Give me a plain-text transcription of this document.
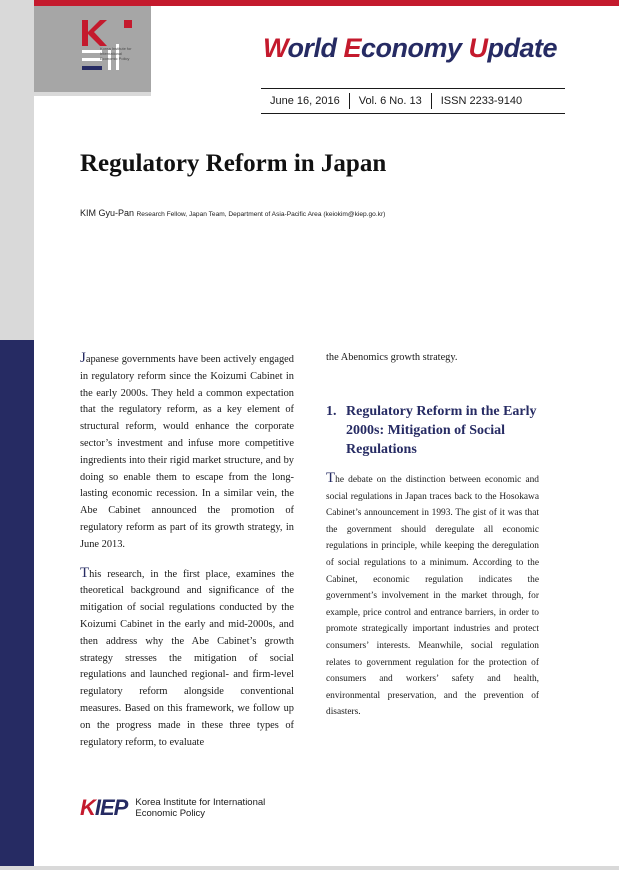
Korea Institute for International Economic Policy	World Economy Update
June 16, 2016	Vol. 6 No. 13	ISSN 2233-9140
Regulatory Reform in Japan
KIM Gyu-Pan Research Fellow, Japan Team, Department of Asia-Pacific Area (keiokim@kiep.go.kr)

Japanese governments have been actively engaged in regulatory reform since the Koizumi Cabinet in the early 2000s. They held a common expectation that the regulatory reform, as a key element of structural reform, would enhance the corporate sector’s investment and infuse more competitive ingredients into their rigid market structure, and by doing so enable them to escape from the long-lasting economic recession. In a similar vein, the Abe Cabinet announced the promotion of regulatory reform as part of its growth strategy, in June 2013.

This research, in the first place, examines the theoretical background and significance of the mitigation of social regulations conducted by the Koizumi Cabinet in the early and mid-2000s, and then address why the Abe Cabinet’s growth strategy stresses the mitigation of social regulations and launched regional- and firm-level regulatory reform alongside conventional measures. Based on this framework, we follow up on the progress made in these three types of regulatory reform, to evaluate

the Abenomics growth strategy.

1. Regulatory Reform in the Early 2000s: Mitigation of Social Regulations

The debate on the distinction between economic and social regulations in Japan traces back to the Hosokawa Cabinet’s announcement in 1993. The gist of it was that the government should deregulate all economic regulations in principle, while keeping the deregulation of social regulations to a minimum. According to the Cabinet, economic regulation indicates the government’s involvement in the market through, for example, price control and entrance barriers, in order to promote strategically important industries and protect consumers’ interests. Meanwhile, social regulation relates to government regulation for the protection of consumers and workers’ safety and health, environmental preservation, and the prevention of disasters.

KIEP Korea Institute for International
Economic Policy
